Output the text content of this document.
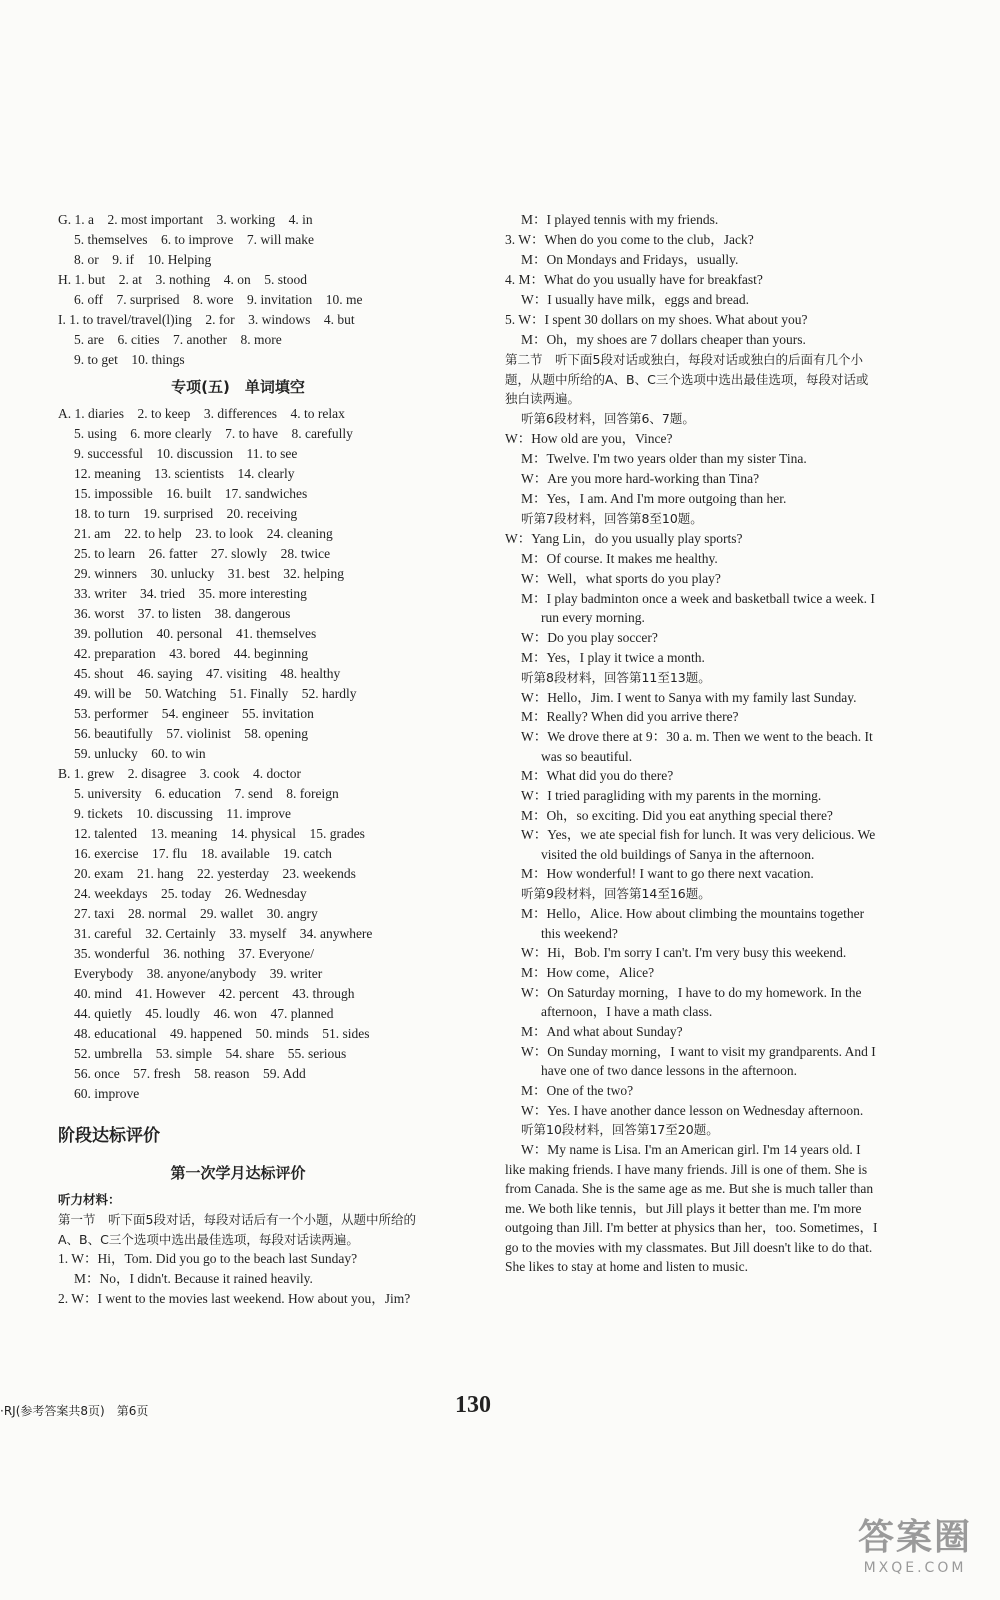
G. 1. a　2. most important　3. working　4. in
5. themselves　6. to improve　7. will make
8. or　9. if　10. Helping
H. 1. but　2. at　3. nothing　4. on　5. stood
6. off　7. surprised　8. wore　9. invitation　10. me
I. 1. to travel/travel(l)ing　2. for　3. windows　4. but
5. are　6. cities　7. another　8. more
9. to get　10. things
专项(五)　单词填空
A. 1. diaries　2. to keep　3. differences　4. to relax
5. using　6. more clearly　7. to have　8. carefully
9. successful　10. discussion　11. to see
12. meaning　13. scientists　14. clearly
15. impossible　16. built　17. sandwiches
18. to turn　19. surprised　20. receiving
21. am　22. to help　23. to look　24. cleaning
25. to learn　26. fatter　27. slowly　28. twice
29. winners　30. unlucky　31. best　32. helping
33. writer　34. tried　35. more interesting
36. worst　37. to listen　38. dangerous
39. pollution　40. personal　41. themselves
42. preparation　43. bored　44. beginning
45. shout　46. saying　47. visiting　48. healthy
49. will be　50. Watching　51. Finally　52. hardly
53. performer　54. engineer　55. invitation
56. beautifully　57. violinist　58. opening
59. unlucky　60. to win
B. 1. grew　2. disagree　3. cook　4. doctor
5. university　6. education　7. send　8. foreign
9. tickets　10. discussing　11. improve
12. talented　13. meaning　14. physical　15. grades
16. exercise　17. flu　18. available　19. catch
20. exam　21. hang　22. yesterday　23. weekends
24. weekdays　25. today　26. Wednesday
27. taxi　28. normal　29. wallet　30. angry
31. careful　32. Certainly　33. myself　34. anywhere
35. wonderful　36. nothing　37. Everyone/
Everybody　38. anyone/anybody　39. writer
40. mind　41. However　42. percent　43. through
44. quietly　45. loudly　46. won　47. planned
48. educational　49. happened　50. minds　51. sides
52. umbrella　53. simple　54. share　55. serious
56. once　57. fresh　58. reason　59. Add
60. improve
阶段达标评价
第一次学月达标评价
听力材料：
第一节　听下面5段对话，每段对话后有一个小题，从题中所给的A、B、C三个选项中选出最佳选项，每段对话读两遍。
1. W：Hi，Tom. Did you go to the beach last Sunday?
M：No，I didn't. Because it rained heavily.
2. W：I went to the movies last weekend. How about you，Jim?
M：I played tennis with my friends.
3. W：When do you come to the club，Jack?
M：On Mondays and Fridays，usually.
4. M：What do you usually have for breakfast?
W：I usually have milk，eggs and bread.
5. W：I spent 30 dollars on my shoes. What about you?
M：Oh，my shoes are 7 dollars cheaper than yours.
第二节　听下面5段对话或独白，每段对话或独白的后面有几个小题，从题中所给的A、B、C三个选项中选出最佳选项，每段对话或独白读两遍。
听第6段材料，回答第6、7题。
W：How old are you，Vince?
M：Twelve. I'm two years older than my sister Tina.
W：Are you more hard-working than Tina?
M：Yes，I am. And I'm more outgoing than her.
听第7段材料，回答第8至10题。
W：Yang Lin，do you usually play sports?
M：Of course. It makes me healthy.
W：Well，what sports do you play?
M：I play badminton once a week and basketball twice a week. I run every morning.
W：Do you play soccer?
M：Yes，I play it twice a month.
听第8段材料，回答第11至13题。
W：Hello，Jim. I went to Sanya with my family last Sunday.
M：Really? When did you arrive there?
W：We drove there at 9：30 a. m. Then we went to the beach. It was so beautiful.
M：What did you do there?
W：I tried paragliding with my parents in the morning.
M：Oh，so exciting. Did you eat anything special there?
W：Yes，we ate special fish for lunch. It was very delicious. We visited the old buildings of Sanya in the afternoon.
M：How wonderful! I want to go there next vacation.
听第9段材料，回答第14至16题。
M：Hello，Alice. How about climbing the mountains together this weekend?
W：Hi，Bob. I'm sorry I can't. I'm very busy this weekend.
M：How come，Alice?
W：On Saturday morning，I have to do my homework. In the afternoon，I have a math class.
M：And what about Sunday?
W：On Sunday morning，I want to visit my grandparents. And I have one of two dance lessons in the afternoon.
M：One of the two?
W：Yes. I have another dance lesson on Wednesday afternoon.
听第10段材料，回答第17至20题。
W：My name is Lisa. I'm an American girl. I'm 14 years old. I like making friends. I have many friends. Jill is one of them. She is from Canada. She is the same age as me. But she is much taller than me. We both like tennis，but Jill plays it better than me. I'm more outgoing than Jill. I'm better at physics than her，too. Sometimes，I go to the movies with my classmates. But Jill doesn't like to do that. She likes to stay at home and listen to music.
·RJ(参考答案共8页)　第6页	130
答案圈
MXQE.COM
